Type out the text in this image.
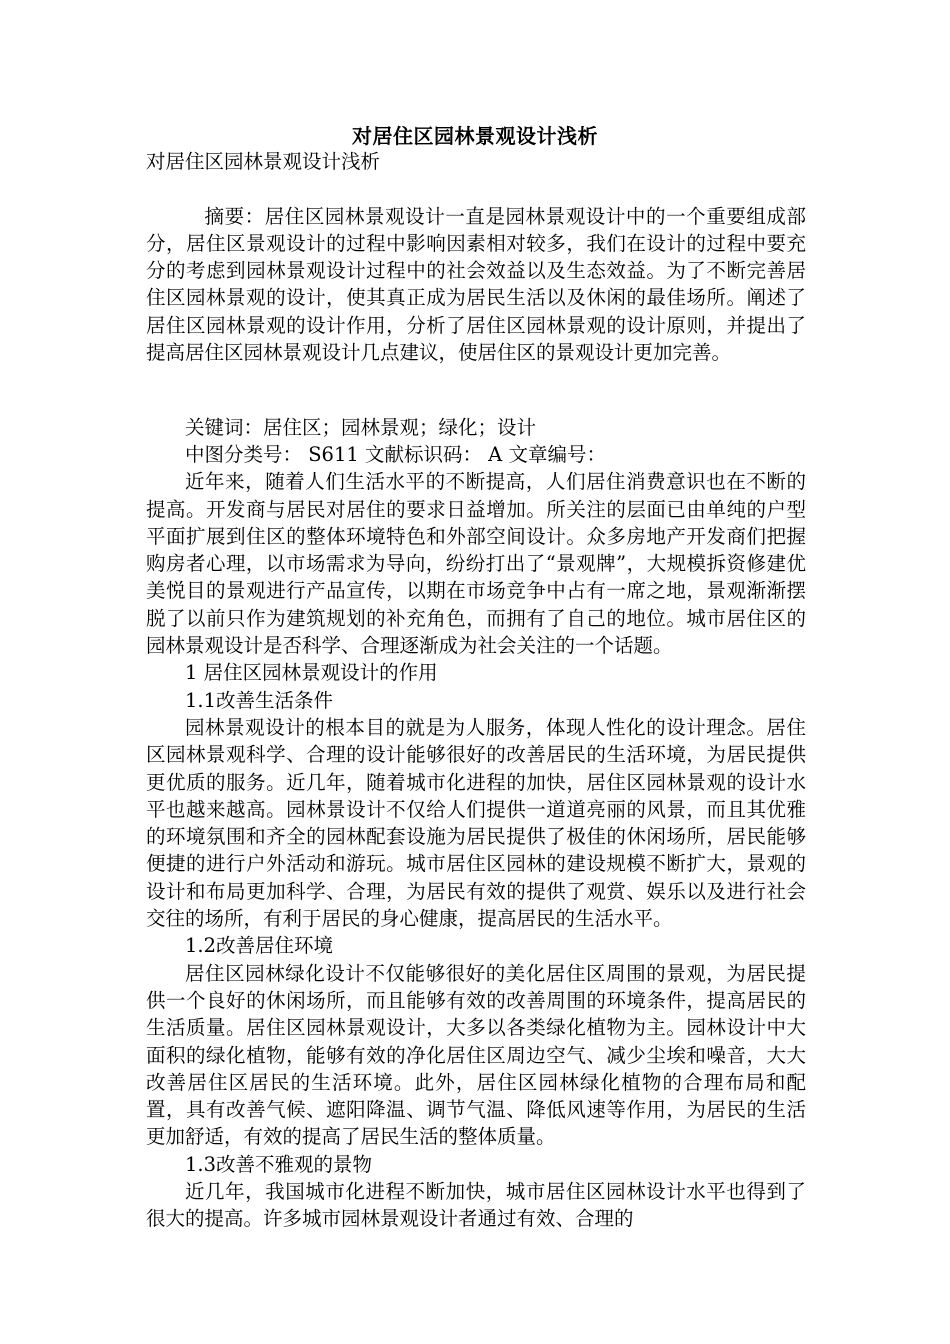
对居住区园林景观设计浅析

对居住区园林景观设计浅析

摘要：居住区园林景观设计一直是园林景观设计中的一个重要组成部分，居住区景观设计的过程中影响因素相对较多，我们在设计的过程中要充分的考虑到园林景观设计过程中的社会效益以及生态效益。为了不断完善居住区园林景观的设计，使其真正成为居民生活以及休闲的最佳场所。阐述了居住区园林景观的设计作用，分析了居住区园林景观的设计原则，并提出了提高居住区园林景观设计几点建议，使居住区的景观设计更加完善。

关键词：居住区；园林景观；绿化；设计

中图分类号： S611 文献标识码： A 文章编号：

近年来，随着人们生活水平的不断提高，人们居住消费意识也在不断的提高。开发商与居民对居住的要求日益增加。所关注的层面已由单纯的户型平面扩展到住区的整体环境特色和外部空间设计。众多房地产开发商们把握购房者心理，以市场需求为导向，纷纷打出了“景观牌”，大规模拆资修建优美悦目的景观进行产品宣传，以期在市场竞争中占有一席之地，景观渐渐摆脱了以前只作为建筑规划的补充角色，而拥有了自己的地位。城市居住区的园林景观设计是否科学、合理逐渐成为社会关注的一个话题。

1 居住区园林景观设计的作用

1.1改善生活条件

园林景观设计的根本目的就是为人服务，体现人性化的设计理念。居住区园林景观科学、合理的设计能够很好的改善居民的生活环境，为居民提供更优质的服务。近几年，随着城市化进程的加快，居住区园林景观的设计水平也越来越高。园林景设计不仅给人们提供一道道亮丽的风景，而且其优雅的环境氛围和齐全的园林配套设施为居民提供了极佳的休闲场所，居民能够便捷的进行户外活动和游玩。城市居住区园林的建设规模不断扩大，景观的设计和布局更加科学、合理，为居民有效的提供了观赏、娱乐以及进行社会交往的场所，有利于居民的身心健康，提高居民的生活水平。

1.2改善居住环境

居住区园林绿化设计不仅能够很好的美化居住区周围的景观，为居民提供一个良好的休闲场所，而且能够有效的改善周围的环境条件，提高居民的生活质量。居住区园林景观设计，大多以各类绿化植物为主。园林设计中大面积的绿化植物，能够有效的净化居住区周边空气、减少尘埃和噪音，大大改善居住区居民的生活环境。此外，居住区园林绿化植物的合理布局和配置，具有改善气候、遮阳降温、调节气温、降低风速等作用，为居民的生活更加舒适，有效的提高了居民生活的整体质量。

1.3改善不雅观的景物

近几年，我国城市化进程不断加快，城市居住区园林设计水平也得到了很大的提高。许多城市园林景观设计者通过有效、合理的
